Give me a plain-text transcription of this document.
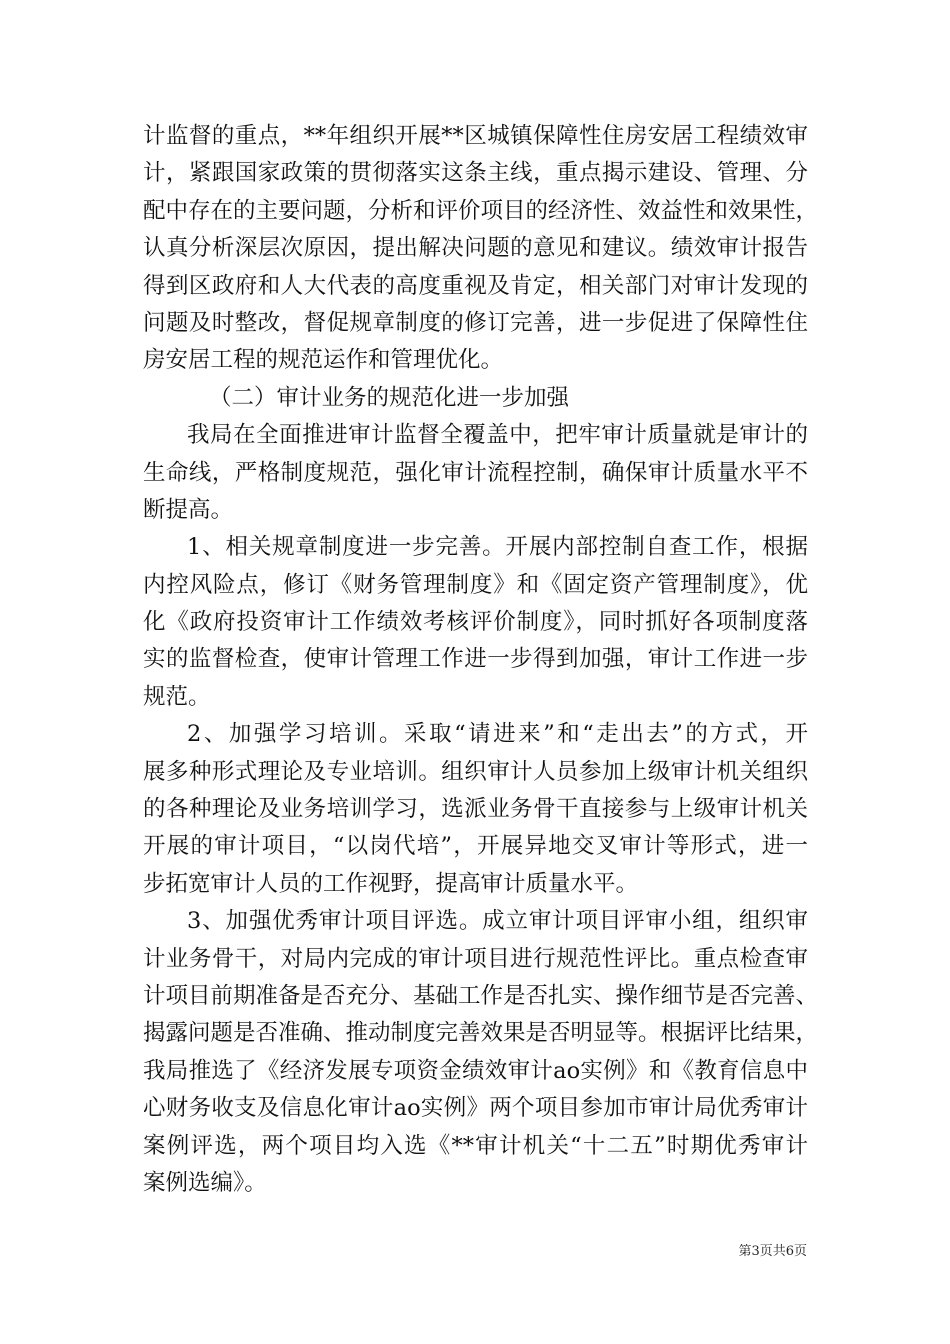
计监督的重点，**年组织开展**区城镇保障性住房安居工程绩效审
计，紧跟国家政策的贯彻落实这条主线，重点揭示建设、管理、分
配中存在的主要问题，分析和评价项目的经济性、效益性和效果性，
认真分析深层次原因，提出解决问题的意见和建议。绩效审计报告
得到区政府和人大代表的高度重视及肯定，相关部门对审计发现的
问题及时整改，督促规章制度的修订完善，进一步促进了保障性住
房安居工程的规范运作和管理优化。
（二）审计业务的规范化进一步加强
我局在全面推进审计监督全覆盖中，把牢审计质量就是审计的
生命线，严格制度规范，强化审计流程控制，确保审计质量水平不
断提高。
1、相关规章制度进一步完善。开展内部控制自查工作，根据
内控风险点，修订《财务管理制度》和《固定资产管理制度》，优
化《政府投资审计工作绩效考核评价制度》，同时抓好各项制度落
实的监督检查，使审计管理工作进一步得到加强，审计工作进一步
规范。
2、加强学习培训。采取“请进来”和“走出去”的方式，开
展多种形式理论及专业培训。组织审计人员参加上级审计机关组织
的各种理论及业务培训学习，选派业务骨干直接参与上级审计机关
开展的审计项目，“以岗代培”，开展异地交叉审计等形式，进一
步拓宽审计人员的工作视野，提高审计质量水平。
3、加强优秀审计项目评选。成立审计项目评审小组，组织审
计业务骨干，对局内完成的审计项目进行规范性评比。重点检查审
计项目前期准备是否充分、基础工作是否扎实、操作细节是否完善、
揭露问题是否准确、推动制度完善效果是否明显等。根据评比结果，
我局推选了《经济发展专项资金绩效审计ao实例》和《教育信息中
心财务收支及信息化审计ao实例》两个项目参加市审计局优秀审计
案例评选，两个项目均入选《**审计机关“十二五”时期优秀审计
案例选编》。
第3页共6页
